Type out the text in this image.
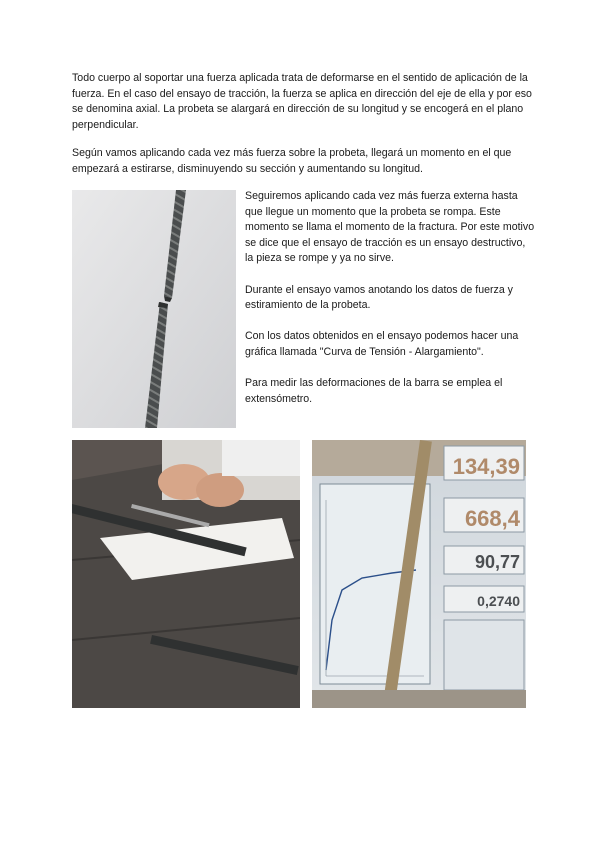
Todo cuerpo al soportar una fuerza aplicada trata de deformarse en el sentido de aplicación de la fuerza. En el caso del ensayo de tracción, la fuerza se aplica en dirección del eje de ella y por eso se denomina axial. La probeta se alargará en dirección de su longitud y se encogerá en el plano perpendicular.

Según vamos aplicando cada vez más fuerza sobre la probeta, llegará un momento en el que empezará a estirarse, disminuyendo su sección y aumentando su longitud.

Seguiremos aplicando cada vez más fuerza externa hasta que llegue un momento que la probeta se rompa. Este momento se llama el momento de la fractura. Por este motivo se dice que el ensayo de tracción es un ensayo destructivo, la pieza se rompe y ya no sirve.

Durante el ensayo vamos anotando los datos de fuerza y estiramiento de la probeta.

Con los datos obtenidos en el ensayo podemos hacer una gráfica llamada "Curva de Tensión - Alargamiento".

Para medir las deformaciones de la barra se emplea el extensómetro.

134,39
668,4
90,77
0,2740
